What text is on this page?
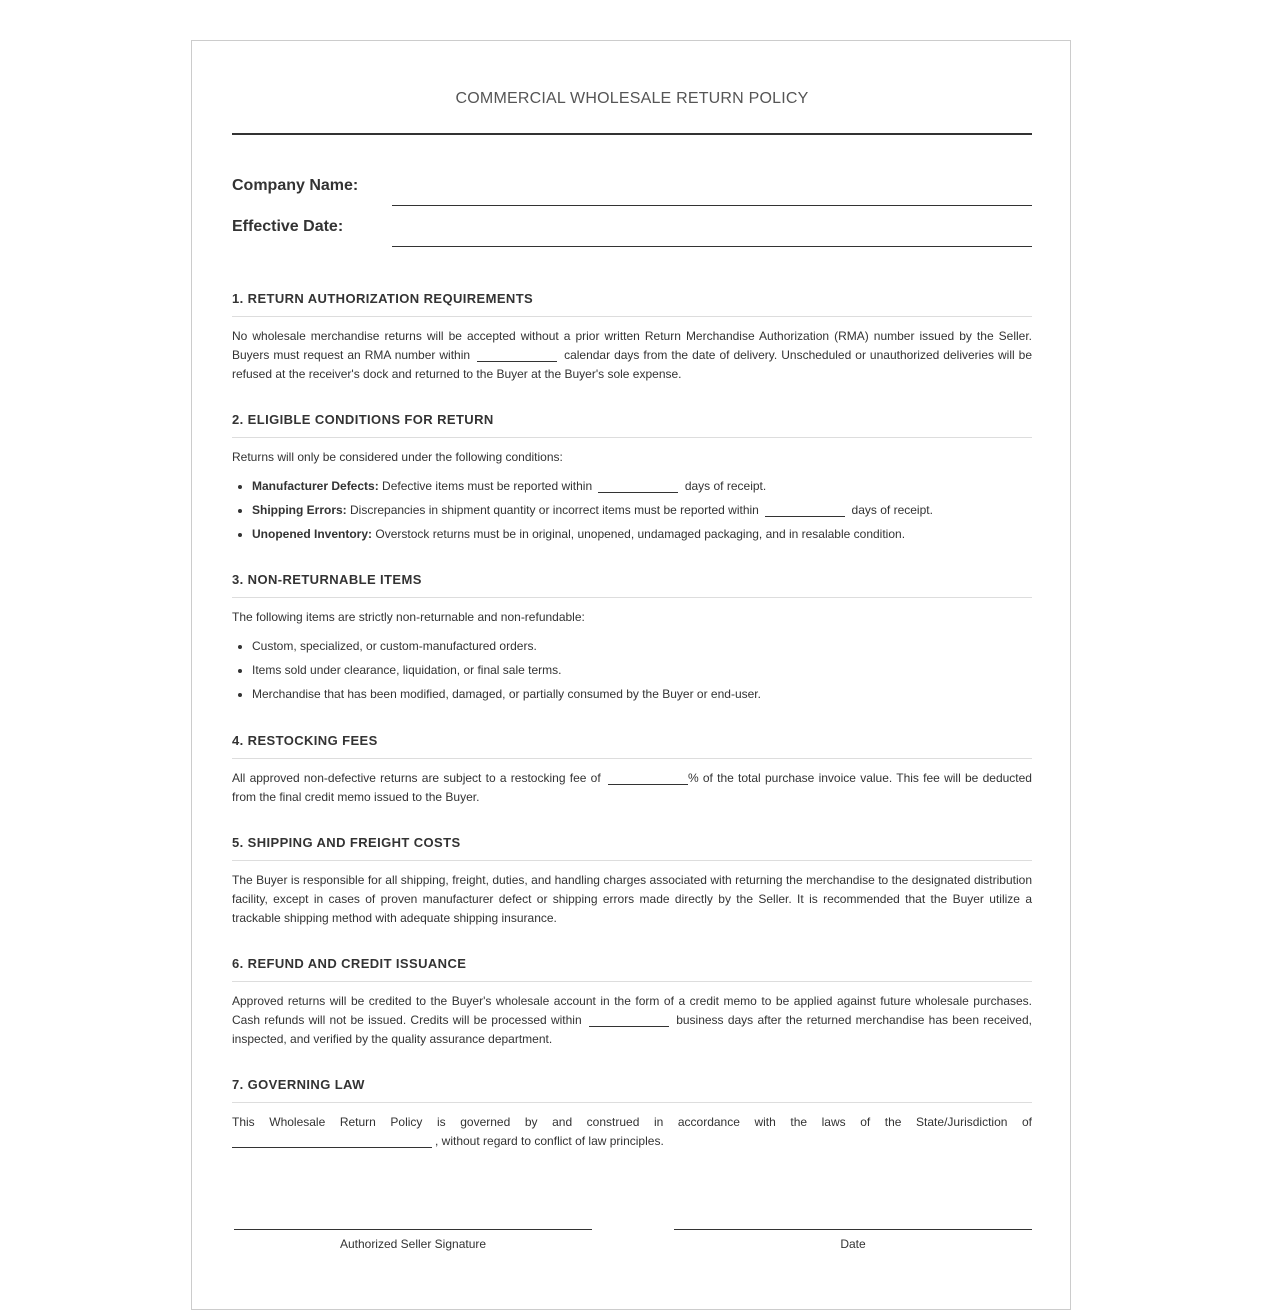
COMMERCIAL WHOLESALE RETURN POLICY
Company Name:
Effective Date:
1. RETURN AUTHORIZATION REQUIREMENTS

No wholesale merchandise returns will be accepted without a prior written Return Merchandise Authorization (RMA) number issued by the Seller. Buyers must request an RMA number within	calendar days from the date of delivery. Unscheduled or unauthorized deliveries will be refused at the receiver's dock and returned to the Buyer at the Buyer's sole expense.

2. ELIGIBLE CONDITIONS FOR RETURN

Returns will only be considered under the following conditions:

• Manufacturer Defects: Defective items must be reported within	days of receipt.
• Shipping Errors: Discrepancies in shipment quantity or incorrect items must be reported within	days of receipt.
• Unopened Inventory: Overstock returns must be in original, unopened, undamaged packaging, and in resalable condition.
3. NON-RETURNABLE ITEMS

The following items are strictly non-returnable and non-refundable:

• Custom, specialized, or custom-manufactured orders.
• Items sold under clearance, liquidation, or final sale terms.
• Merchandise that has been modified, damaged, or partially consumed by the Buyer or end-user.
4. RESTOCKING FEES

All approved non-defective returns are subject to a restocking fee of	% of the total purchase invoice value. This fee will be deducted from the final credit memo issued to the Buyer.

5. SHIPPING AND FREIGHT COSTS

The Buyer is responsible for all shipping, freight, duties, and handling charges associated with returning the merchandise to the designated distribution facility, except in cases of proven manufacturer defect or shipping errors made directly by the Seller. It is recommended that the Buyer utilize a trackable shipping method with adequate shipping insurance.

6. REFUND AND CREDIT ISSUANCE

Approved returns will be credited to the Buyer's wholesale account in the form of a credit memo to be applied against future wholesale purchases. Cash refunds will not be issued. Credits will be processed within	business days after the returned merchandise has been received, inspected, and verified by the quality assurance department.

7. GOVERNING LAW

This Wholesale Return Policy is governed by and construed in accordance with the laws of the State/Jurisdiction of , without regard to conflict of law principles.

Authorized Seller Signature	Date
